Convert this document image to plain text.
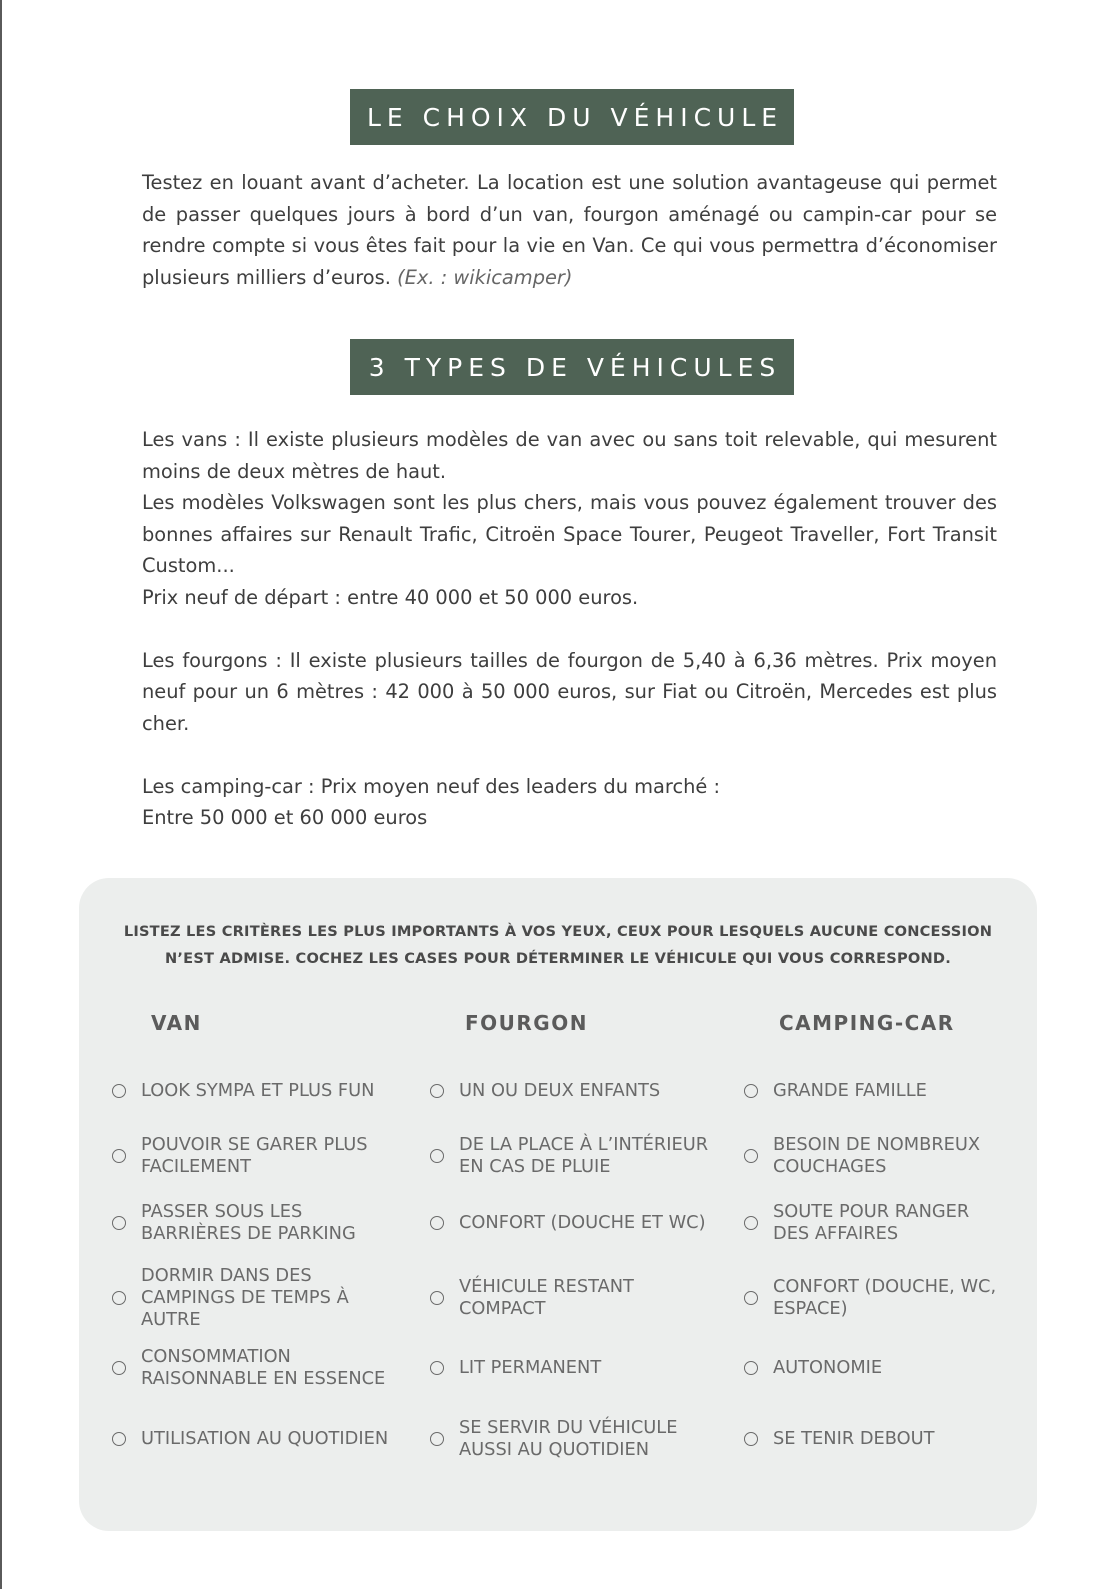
LE CHOIX DU VÉHICULE

Testez en louant avant d’acheter. La location est une solution avantageuse qui permet de passer quelques jours à bord d’un van, fourgon aménagé ou campin-car pour se rendre compte si vous êtes fait pour la vie en Van. Ce qui vous permettra d’économiser plusieurs milliers d’euros. (Ex. : wikicamper)

3 TYPES DE VÉHICULES

Les vans : Il existe plusieurs modèles de van avec ou sans toit relevable, qui mesurent moins de deux mètres de haut.

Les modèles Volkswagen sont les plus chers, mais vous pouvez également trouver des bonnes affaires sur Renault Trafic, Citroën Space Tourer, Peugeot Traveller, Fort Transit Custom...

Prix neuf de départ : entre 40 000 et 50 000 euros.

Les fourgons : Il existe plusieurs tailles de fourgon de 5,40 à 6,36 mètres. Prix moyen neuf pour un 6 mètres : 42 000 à 50 000 euros, sur Fiat ou Citroën, Mercedes est plus cher.

Les camping-car : Prix moyen neuf des leaders du marché :

Entre 50 000 et 60 000 euros

LISTEZ LES CRITÈRES LES PLUS IMPORTANTS À VOS YEUX, CEUX POUR LESQUELS AUCUNE CONCESSION
N’EST ADMISE. COCHEZ LES CASES POUR DÉTERMINER LE VÉHICULE QUI VOUS CORRESPOND.
VAN	FOURGON	CAMPING-CAR
LOOK SYMPA ET PLUS FUN
POUVOIR SE GARER PLUS
FACILEMENT
PASSER SOUS LES
BARRIÈRES DE PARKING
DORMIR DANS DES
CAMPINGS DE TEMPS À
AUTRE
CONSOMMATION
RAISONNABLE EN ESSENCE
UTILISATION AU QUOTIDIEN
UN OU DEUX ENFANTS
DE LA PLACE À L’INTÉRIEUR
EN CAS DE PLUIE
CONFORT (DOUCHE ET WC)
VÉHICULE RESTANT
COMPACT
LIT PERMANENT
SE SERVIR DU VÉHICULE
AUSSI AU QUOTIDIEN
GRANDE FAMILLE
BESOIN DE NOMBREUX
COUCHAGES
SOUTE POUR RANGER
DES AFFAIRES
CONFORT (DOUCHE, WC,
ESPACE)
AUTONOMIE
SE TENIR DEBOUT
